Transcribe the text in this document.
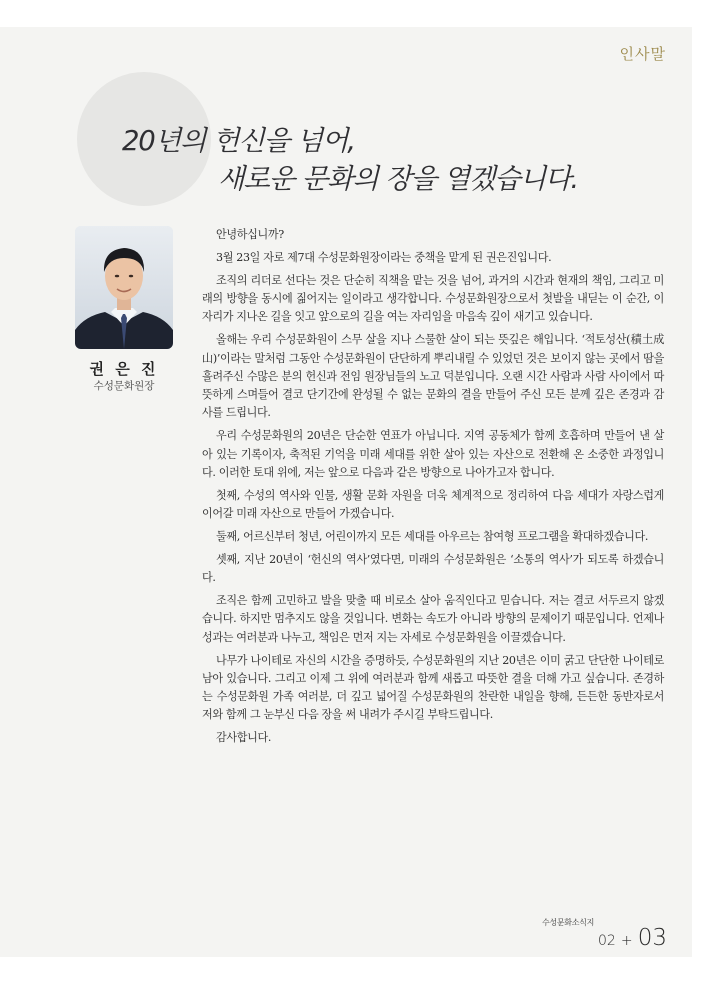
인사말
20년의 헌신을 넘어,
새로운 문화의 장을 열겠습니다.
권 은 진
수성문화원장

안녕하십니까?

3월 23일 자로 제7대 수성문화원장이라는 중책을 맡게 된 권은진입니다.

조직의 리더로 선다는 것은 단순히 직책을 맡는 것을 넘어, 과거의 시간과 현재의 책임, 그리고 미래의 방향을 동시에 짊어지는 일이라고 생각합니다. 수성문화원장으로서 첫발을 내딛는 이 순간, 이 자리가 지나온 길을 잇고 앞으로의 길을 여는 자리임을 마음속 깊이 새기고 있습니다.

올해는 우리 수성문화원이 스무 살을 지나 스물한 살이 되는 뜻깊은 해입니다. ‘적토성산(積土成山)’이라는 말처럼 그동안 수성문화원이 단단하게 뿌리내릴 수 있었던 것은 보이지 않는 곳에서 땀을 흘려주신 수많은 분의 헌신과 전임 원장님들의 노고 덕분입니다. 오랜 시간 사람과 사람 사이에서 따뜻하게 스며들어 결코 단기간에 완성될 수 없는 문화의 결을 만들어 주신 모든 분께 깊은 존경과 감사를 드립니다.

우리 수성문화원의 20년은 단순한 연표가 아닙니다. 지역 공동체가 함께 호흡하며 만들어 낸 살아 있는 기록이자, 축적된 기억을 미래 세대를 위한 살아 있는 자산으로 전환해 온 소중한 과정입니다. 이러한 토대 위에, 저는 앞으로 다음과 같은 방향으로 나아가고자 합니다.

첫째, 수성의 역사와 인물, 생활 문화 자원을 더욱 체계적으로 정리하여 다음 세대가 자랑스럽게 이어갈 미래 자산으로 만들어 가겠습니다.

둘째, 어르신부터 청년, 어린이까지 모든 세대를 아우르는 참여형 프로그램을 확대하겠습니다.

셋째, 지난 20년이 ‘헌신의 역사’였다면, 미래의 수성문화원은 ‘소통의 역사’가 되도록 하겠습니다.

조직은 함께 고민하고 발을 맞출 때 비로소 살아 움직인다고 믿습니다. 저는 결코 서두르지 않겠습니다. 하지만 멈추지도 않을 것입니다. 변화는 속도가 아니라 방향의 문제이기 때문입니다. 언제나 성과는 여러분과 나누고, 책임은 먼저 지는 자세로 수성문화원을 이끌겠습니다.

나무가 나이테로 자신의 시간을 증명하듯, 수성문화원의 지난 20년은 이미 굵고 단단한 나이테로 남아 있습니다. 그리고 이제 그 위에 여러분과 함께 새롭고 따뜻한 결을 더해 가고 싶습니다. 존경하는 수성문화원 가족 여러분, 더 깊고 넓어질 수성문화원의 찬란한 내일을 향해, 든든한 동반자로서 저와 함께 그 눈부신 다음 장을 써 내려가 주시길 부탁드립니다.

감사합니다.

수성문화소식지
02 + 03
